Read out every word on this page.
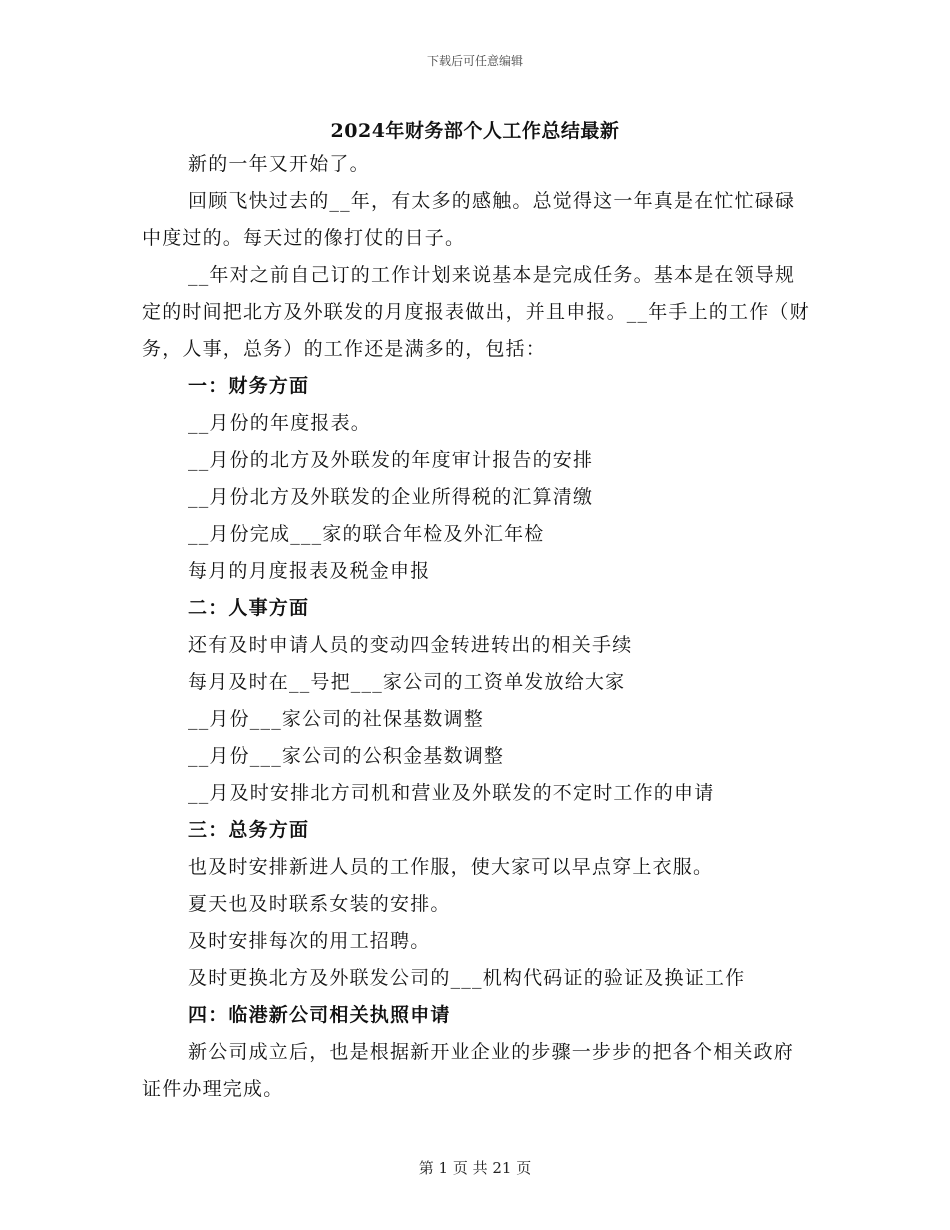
下载后可任意编辑
2024年财务部个人工作总结最新

新的一年又开始了。

回顾飞快过去的__年，有太多的感触。总觉得这一年真是在忙忙碌碌中度过的。每天过的像打仗的日子。

__年对之前自己订的工作计划来说基本是完成任务。基本是在领导规定的时间把北方及外联发的月度报表做出，并且申报。__年手上的工作（财务，人事，总务）的工作还是满多的，包括：

一：财务方面

__月份的年度报表。

__月份的北方及外联发的年度审计报告的安排

__月份北方及外联发的企业所得税的汇算清缴

__月份完成___家的联合年检及外汇年检

每月的月度报表及税金申报

二：人事方面

还有及时申请人员的变动四金转进转出的相关手续

每月及时在__号把___家公司的工资单发放给大家

__月份___家公司的社保基数调整

__月份___家公司的公积金基数调整

__月及时安排北方司机和营业及外联发的不定时工作的申请

三：总务方面

也及时安排新进人员的工作服，使大家可以早点穿上衣服。

夏天也及时联系女装的安排。

及时安排每次的用工招聘。

及时更换北方及外联发公司的___机构代码证的验证及换证工作

四：临港新公司相关执照申请

新公司成立后，也是根据新开业企业的步骤一步步的把各个相关政府证件办理完成。

第 1 页 共 21 页
